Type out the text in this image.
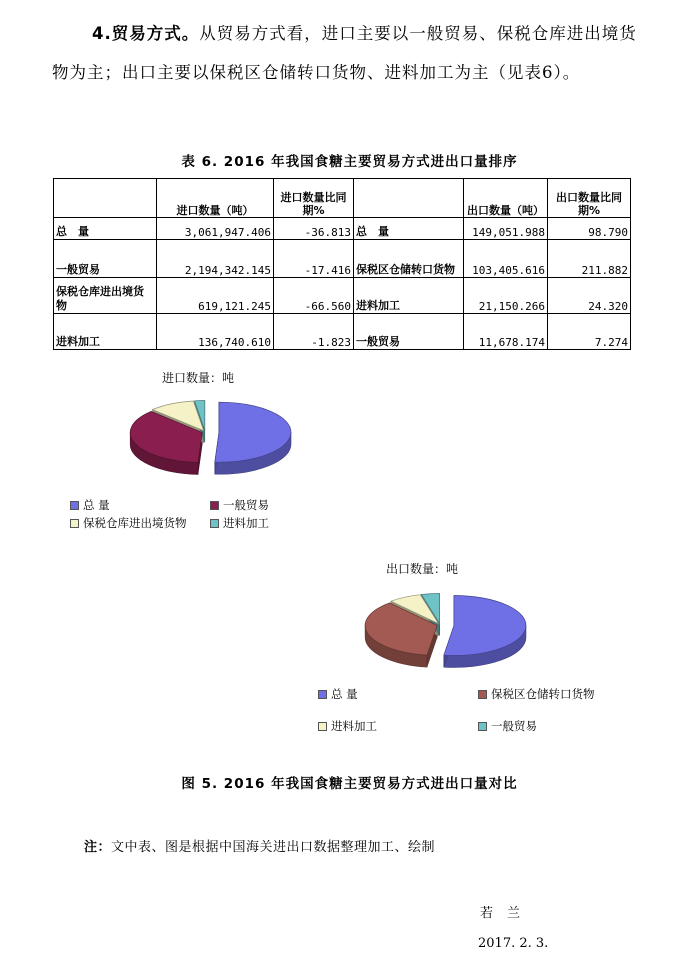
4.贸易方式。从贸易方式看，进口主要以一般贸易、保税仓库进出境货物为主；出口主要以保税区仓储转口货物、进料加工为主（见表6）。
表 6. 2016 年我国食糖主要贸易方式进出口量排序
	进口数量（吨）	进口数量比同期%		出口数量（吨）	出口数量比同期%
总　量	3,061,947.406	-36.813	总　量	149,051.988	98.790
一般贸易	2,194,342.145	-17.416	保税区仓储转口货物	103,405.616	211.882
保税仓库进出境货物	619,121.245	-66.560	进料加工	21,150.266	24.320
进料加工	136,740.610	-1.823	一般贸易	11,678.174	7.274
进口数量：吨
总 量	一般贸易
保税仓库进出境货物	进料加工
出口数量：吨
总 量	保税区仓储转口货物
进料加工	一般贸易
图 5. 2016 年我国食糖主要贸易方式进出口量对比
注：文中表、图是根据中国海关进出口数据整理加工、绘制
若兰
2017. 2. 3.
